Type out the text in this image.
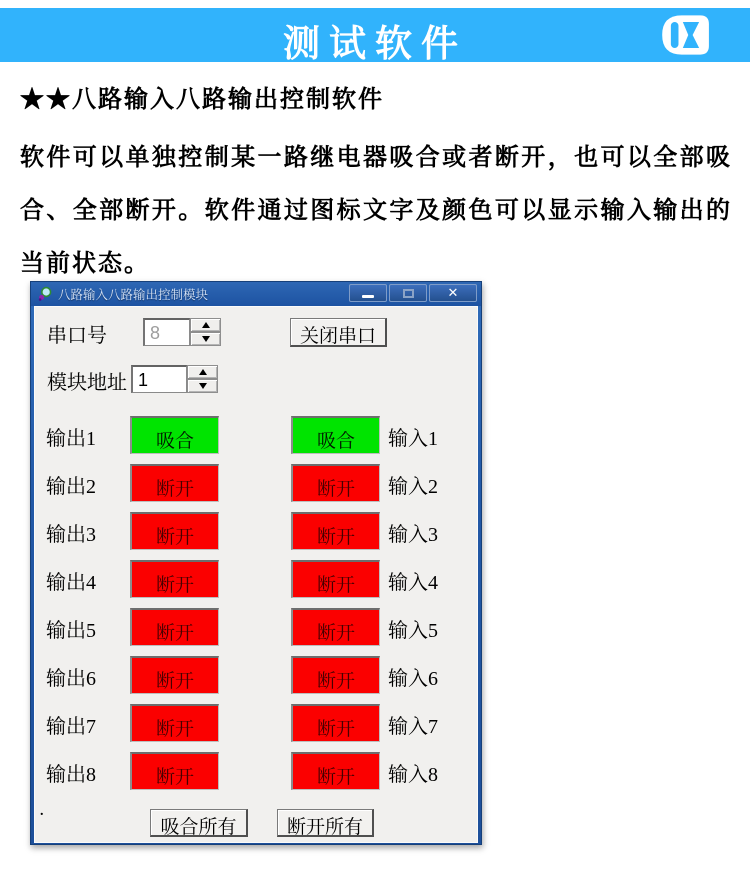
测试软件
★★八路输入八路输出控制软件
软件可以单独控制某一路继电器吸合或者断开，也可以全部吸合、全部断开。软件通过图标文字及颜色可以显示输入输出的当前状态。
八路输入八路输出控制模块	✕
串口号	8	关闭串口
模块地址 1
输出1	吸合	吸合	输入1
输出2	断开	断开	输入2
输出3	断开	断开	输入3
输出4	断开	断开	输入4
输出5	断开	断开	输入5
输出6	断开	断开	输入6
输出7	断开	断开	输入7
输出8	断开	断开	输入8
.
吸合所有	断开所有
